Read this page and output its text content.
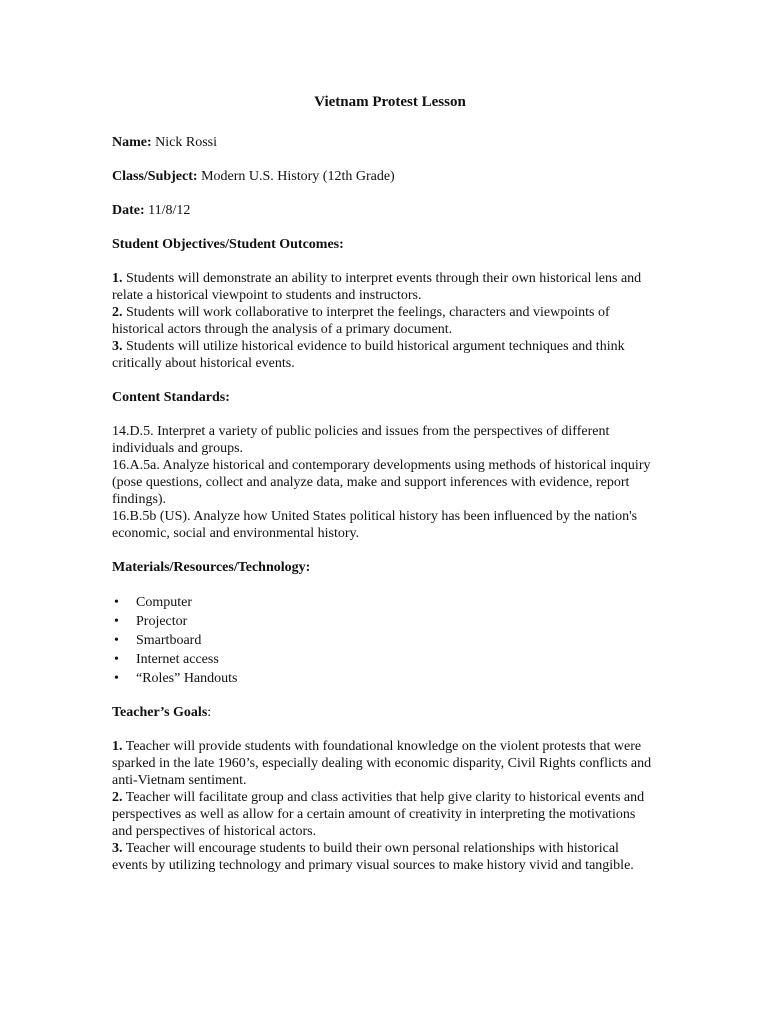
Vietnam Protest Lesson

Name: Nick Rossi

Class/Subject: Modern U.S. History (12th Grade)

Date: 11/8/12

Student Objectives/Student Outcomes:

1. Students will demonstrate an ability to interpret events through their own historical lens and relate a historical viewpoint to students and instructors.

2. Students will work collaborative to interpret the feelings, characters and viewpoints of historical actors through the analysis of a primary document.

3. Students will utilize historical evidence to build historical argument techniques and think critically about historical events.

Content Standards:

14.D.5. Interpret a variety of public policies and issues from the perspectives of different individuals and groups.

16.A.5a. Analyze historical and contemporary developments using methods of historical inquiry (pose questions, collect and analyze data, make and support inferences with evidence, report findings).

16.B.5b (US). Analyze how United States political history has been influenced by the nation's economic, social and environmental history.

Materials/Resources/Technology:

• Computer
• Projector
• Smartboard
• Internet access
• “Roles” Handouts

Teacher’s Goals:

1. Teacher will provide students with foundational knowledge on the violent protests that were sparked in the late 1960’s, especially dealing with economic disparity, Civil Rights conflicts and anti-Vietnam sentiment.

2. Teacher will facilitate group and class activities that help give clarity to historical events and perspectives as well as allow for a certain amount of creativity in interpreting the motivations and perspectives of historical actors.

3. Teacher will encourage students to build their own personal relationships with historical events by utilizing technology and primary visual sources to make history vivid and tangible.
